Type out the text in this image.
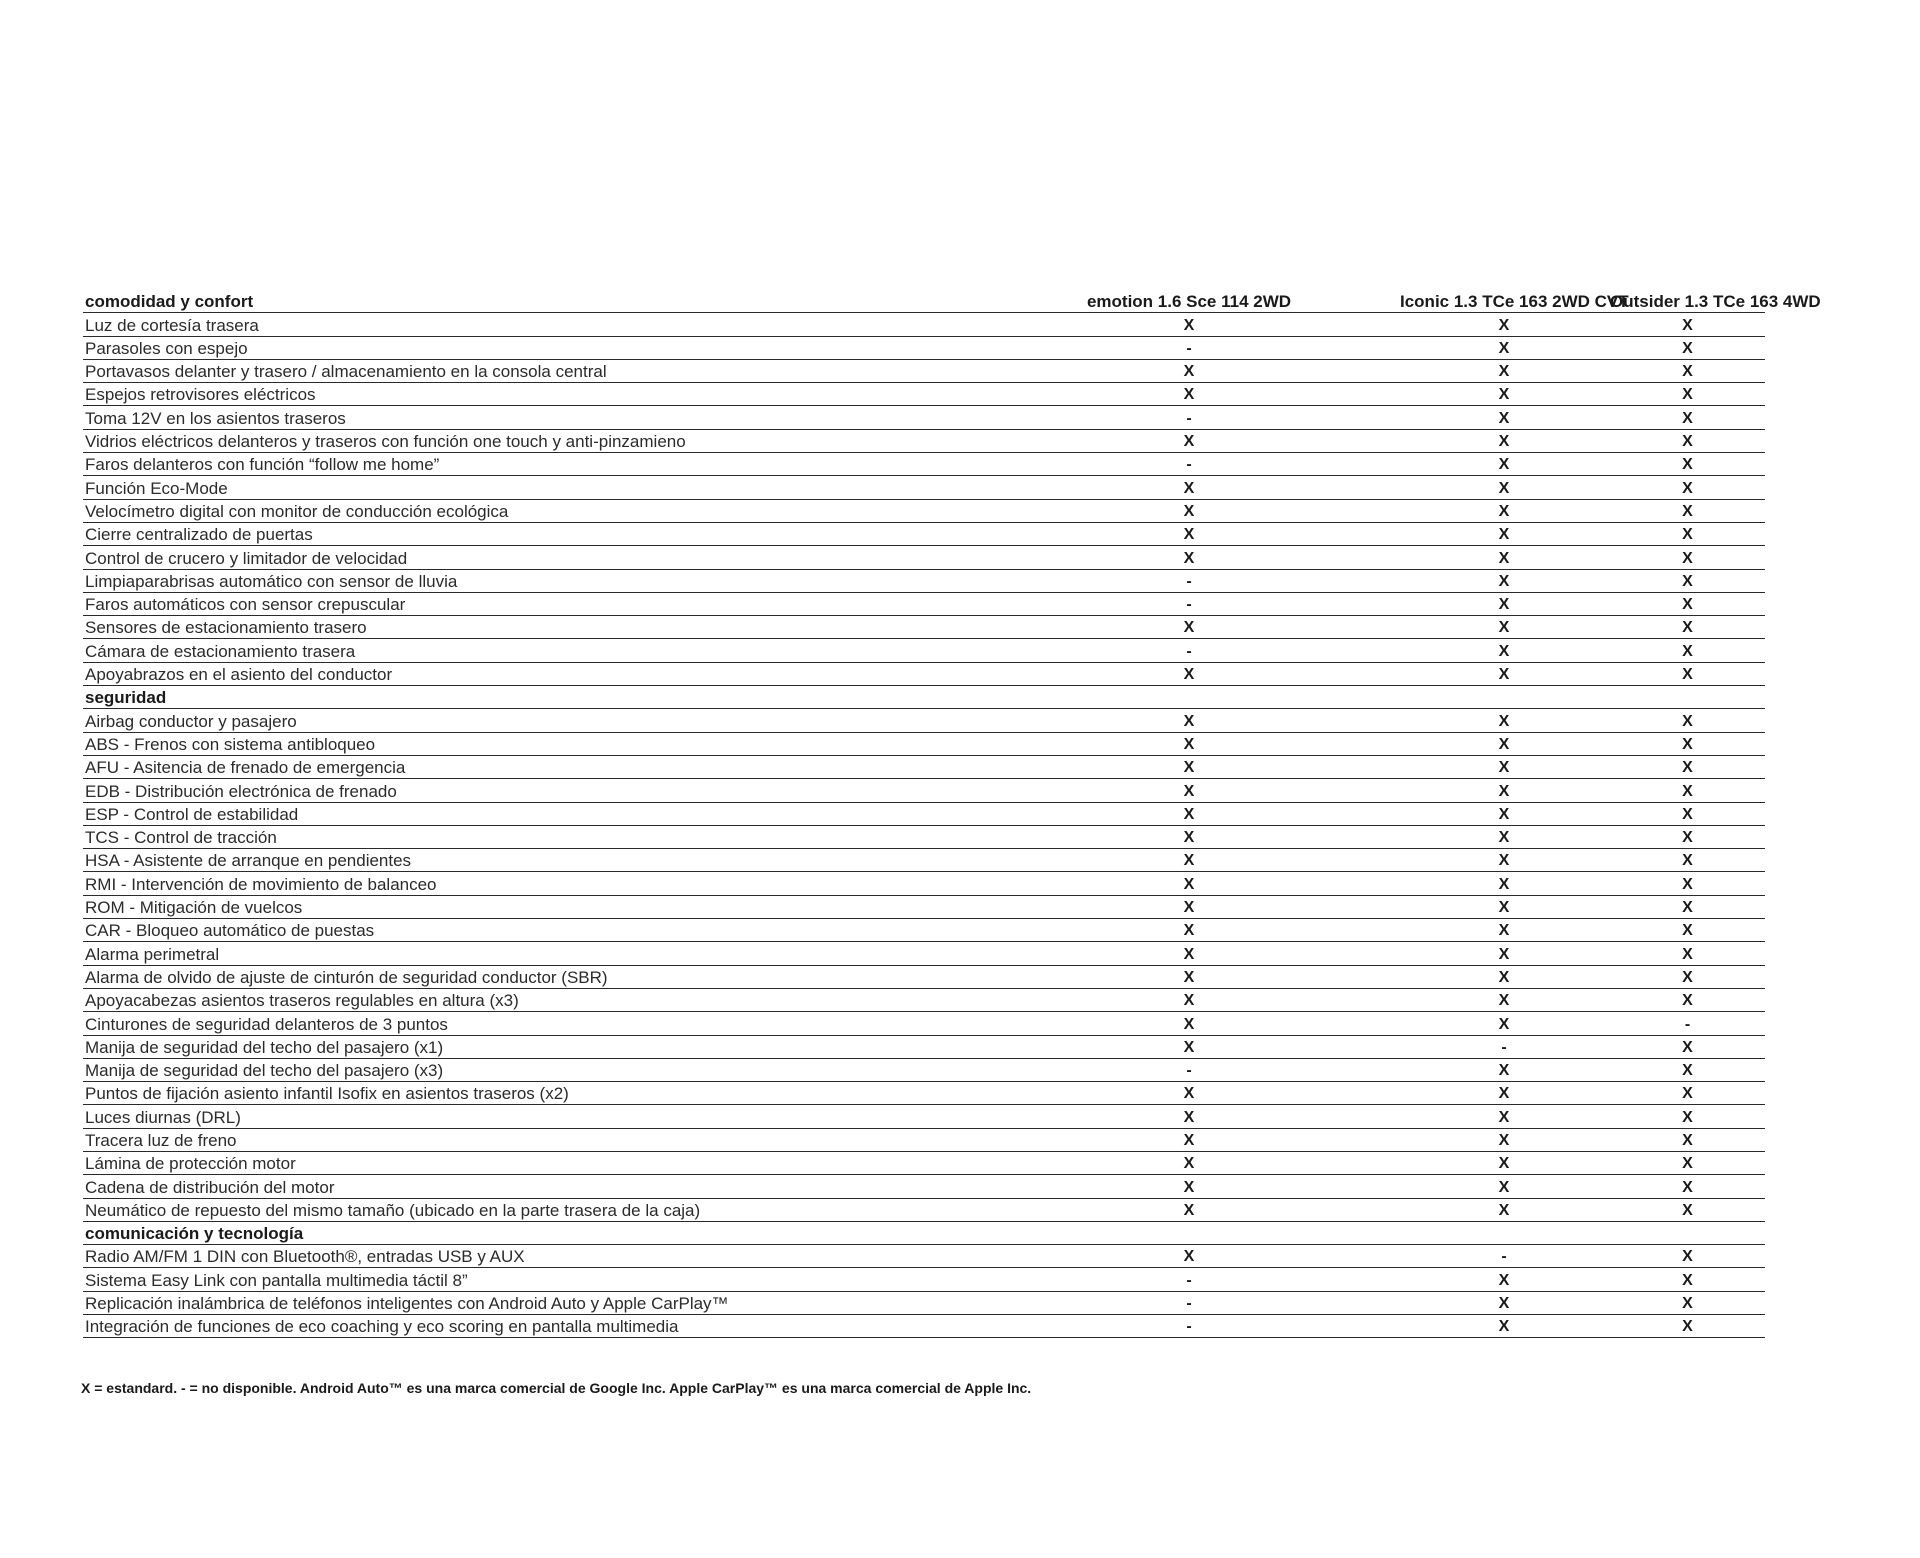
comodidad y confort	emotion 1.6 Sce 114 2WD	Iconic 1.3 TCe 163 2WD CVT	Outsider 1.3 TCe 163 4WD
Luz de cortesía trasera	X	X	X
Parasoles con espejo	-	X	X
Portavasos delanter y trasero / almacenamiento en la consola central	X	X	X
Espejos retrovisores eléctricos	X	X	X
Toma 12V en los asientos traseros	-	X	X
Vidrios eléctricos delanteros y traseros con función one touch y anti-pinzamieno	X	X	X
Faros delanteros con función “follow me home”	-	X	X
Función Eco-Mode	X	X	X
Velocímetro digital con monitor de conducción ecológica	X	X	X
Cierre centralizado de puertas	X	X	X
Control de crucero y limitador de velocidad	X	X	X
Limpiaparabrisas automático con sensor de lluvia	-	X	X
Faros automáticos con sensor crepuscular	-	X	X
Sensores de estacionamiento trasero	X	X	X
Cámara de estacionamiento trasera	-	X	X
Apoyabrazos en el asiento del conductor	X	X	X
seguridad			
Airbag conductor y pasajero	X	X	X
ABS - Frenos con sistema antibloqueo	X	X	X
AFU - Asitencia de frenado de emergencia	X	X	X
EDB - Distribución electrónica de frenado	X	X	X
ESP - Control de estabilidad	X	X	X
TCS - Control de tracción	X	X	X
HSA - Asistente de arranque en pendientes	X	X	X
RMI - Intervención de movimiento de balanceo	X	X	X
ROM - Mitigación de vuelcos	X	X	X
CAR - Bloqueo automático de puestas	X	X	X
Alarma perimetral	X	X	X
Alarma de olvido de ajuste de cinturón de seguridad conductor (SBR)	X	X	X
Apoyacabezas asientos traseros regulables en altura (x3)	X	X	X
Cinturones de seguridad delanteros de 3 puntos	X	X	-
Manija de seguridad del techo del pasajero (x1)	X	-	X
Manija de seguridad del techo del pasajero (x3)	-	X	X
Puntos de fijación asiento infantil Isofix en asientos traseros (x2)	X	X	X
Luces diurnas (DRL)	X	X	X
Tracera luz de freno	X	X	X
Lámina de protección motor	X	X	X
Cadena de distribución del motor	X	X	X
Neumático de repuesto del mismo tamaño (ubicado en la parte trasera de la caja)	X	X	X
comunicación y tecnología			
Radio AM/FM 1 DIN con Bluetooth®, entradas USB y AUX	X	-	X
Sistema Easy Link con pantalla multimedia táctil 8”	-	X	X
Replicación inalámbrica de teléfonos inteligentes con Android Auto y Apple CarPlay™	-	X	X
Integración de funciones de eco coaching y eco scoring en pantalla multimedia	-	X	X
X = estandard. - = no disponible. Android Auto™ es una marca comercial de Google Inc. Apple CarPlay™ es una marca comercial de Apple Inc.
